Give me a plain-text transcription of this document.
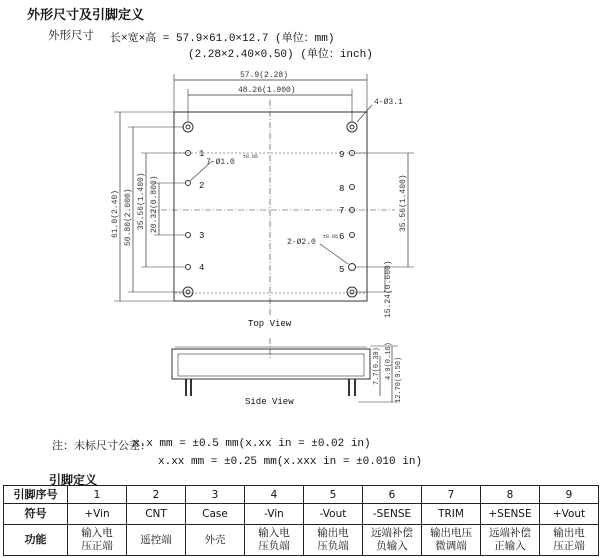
外形尺寸及引脚定义
外形尺寸 长×宽×高 = 57.9×61.0×12.7 (单位：mm)
(2.28×2.40×0.50) (单位：inch)
57.9(2.28)
48.26(1.900)
61.0(2.40) 50.80(2.000) 35.56(1.400) 20.32(0.800)	35.56(1.400)
15.24(0.600)
4-Ø3.1
7-Ø1.0
±0.05
2-Ø2.0
±0.05
1
2
3
4
9
8
7
6
5
Top View
Side View	12.70(0.50)
7.7(0.30) 4.0(0.16)
注：未标尺寸公差：
x.x mm = ±0.5 mm(x.xx in = ±0.02 in)
x.xx mm = ±0.25 mm(x.xxx in = ±0.010 in)
引脚定义
引脚序号	1	2	3	4	5	6	7	8	9
符号	+Vin	CNT	Case	-Vin	-Vout	-SENSE	TRIM	+SENSE	+Vout
功能	输入电
压正端	遥控端	外壳	输入电
压负端	输出电
压负端	远端补偿
负输入	输出电压
微调端	远端补偿
正输入	输出电
压正端
